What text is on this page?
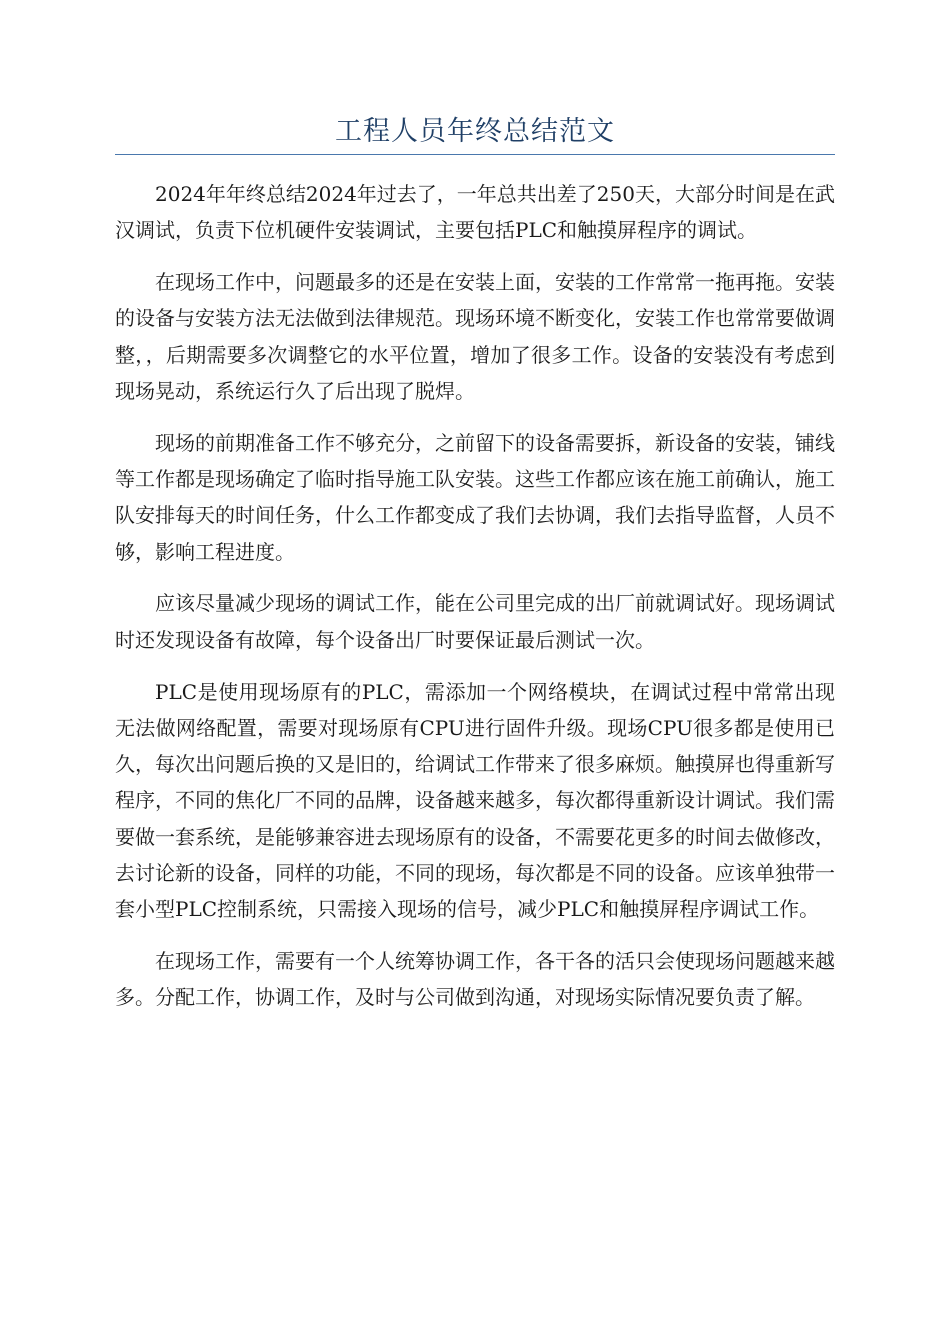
工程人员年终总结范文

2024年年终总结2024年过去了，一年总共出差了250天，大部分时间是在武汉调试，负责下位机硬件安装调试，主要包括PLC和触摸屏程序的调试。

在现场工作中，问题最多的还是在安装上面，安装的工作常常一拖再拖。安装的设备与安装方法无法做到法律规范。现场环境不断变化，安装工作也常常要做调整，，后期需要多次调整它的水平位置，增加了很多工作。设备的安装没有考虑到现场晃动，系统运行久了后出现了脱焊。

现场的前期准备工作不够充分，之前留下的设备需要拆，新设备的安装，铺线等工作都是现场确定了临时指导施工队安装。这些工作都应该在施工前确认，施工队安排每天的时间任务，什么工作都变成了我们去协调，我们去指导监督，人员不够，影响工程进度。

应该尽量减少现场的调试工作，能在公司里完成的出厂前就调试好。现场调试时还发现设备有故障，每个设备出厂时要保证最后测试一次。

PLC是使用现场原有的PLC，需添加一个网络模块，在调试过程中常常出现无法做网络配置，需要对现场原有CPU进行固件升级。现场CPU很多都是使用已久，每次出问题后换的又是旧的，给调试工作带来了很多麻烦。触摸屏也得重新写程序，不同的焦化厂不同的品牌，设备越来越多，每次都得重新设计调试。我们需要做一套系统，是能够兼容进去现场原有的设备，不需要花更多的时间去做修改，去讨论新的设备，同样的功能，不同的现场，每次都是不同的设备。应该单独带一套小型PLC控制系统，只需接入现场的信号，减少PLC和触摸屏程序调试工作。

在现场工作，需要有一个人统筹协调工作，各干各的活只会使现场问题越来越多。分配工作，协调工作，及时与公司做到沟通，对现场实际情况要负责了解。
